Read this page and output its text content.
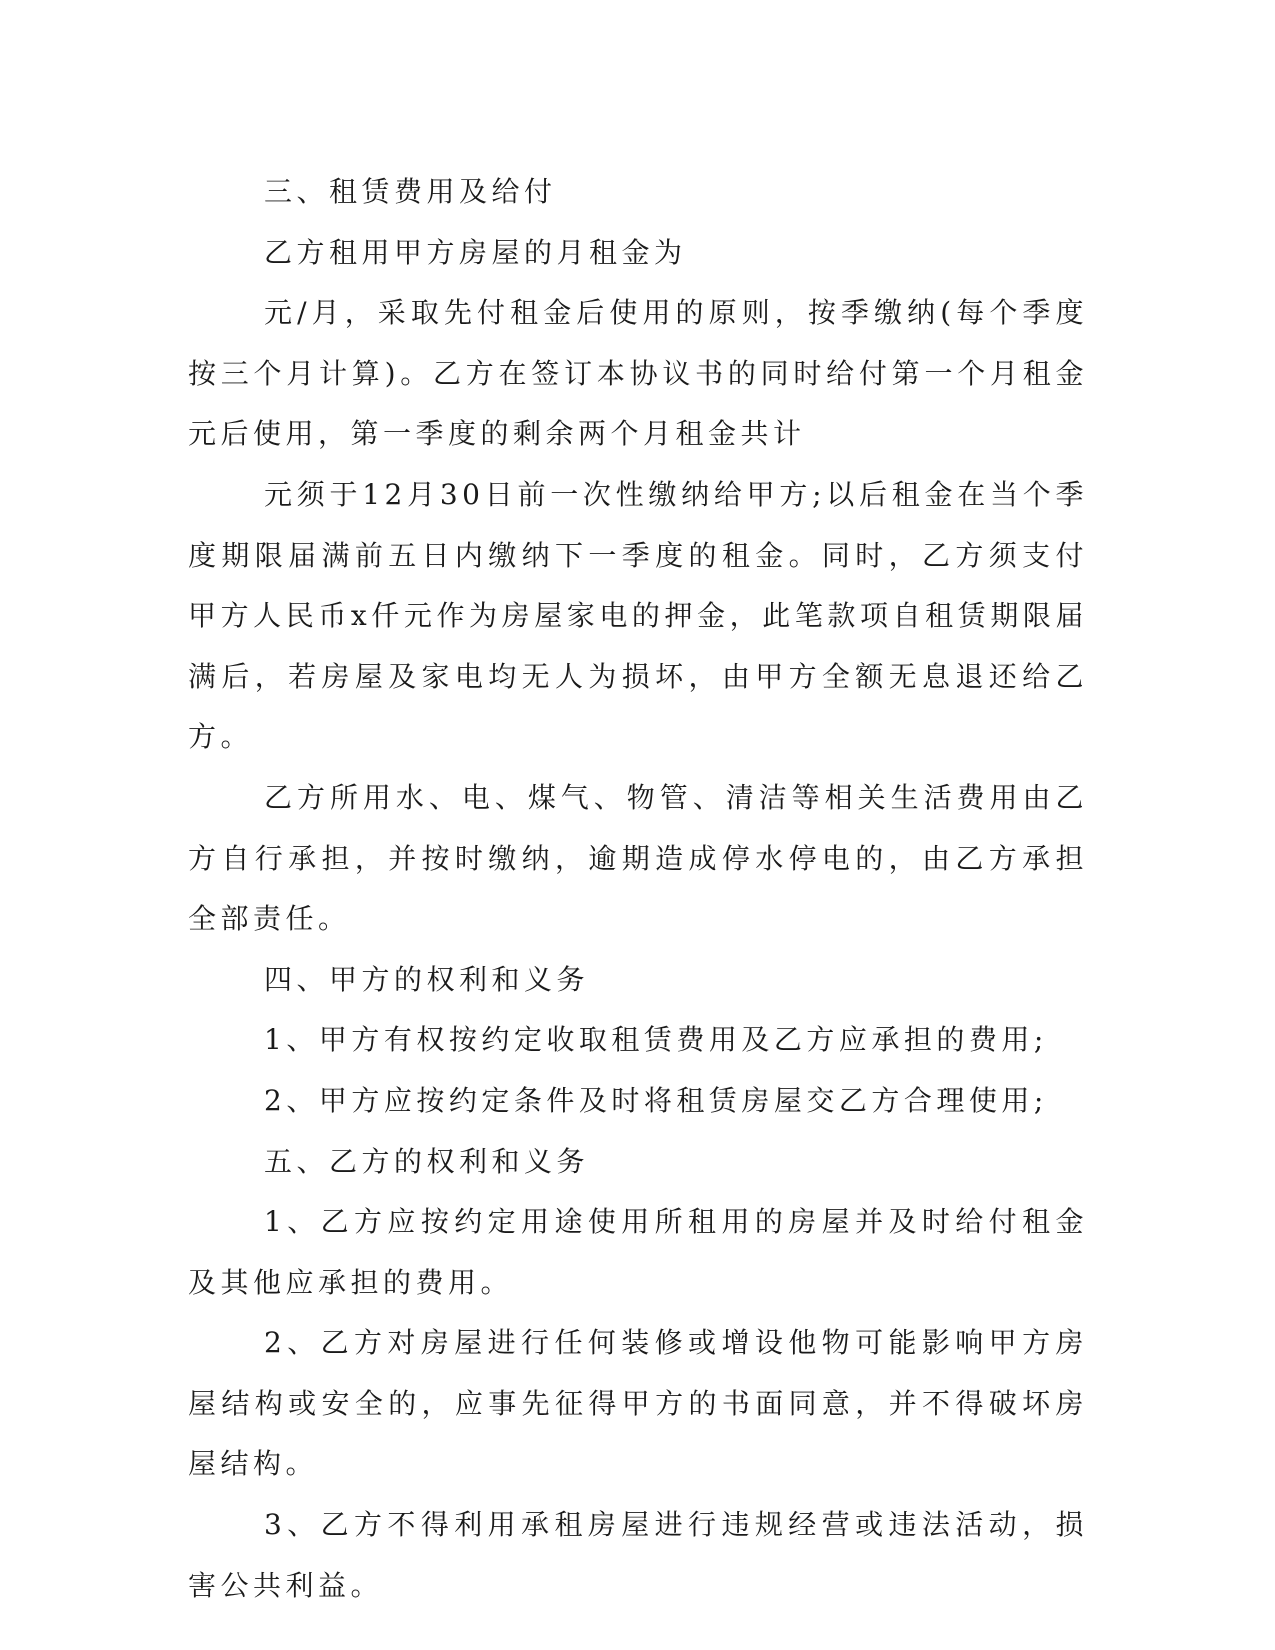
三、租赁费用及给付

乙方租用甲方房屋的月租金为

元/月，采取先付租金后使用的原则，按季缴纳(每个季度按三个月计算)。乙方在签订本协议书的同时给付第一个月租金元后使用，第一季度的剩余两个月租金共计

元须于12月30日前一次性缴纳给甲方;以后租金在当个季度期限届满前五日内缴纳下一季度的租金。同时，乙方须支付甲方人民币x仟元作为房屋家电的押金，此笔款项自租赁期限届满后，若房屋及家电均无人为损坏，由甲方全额无息退还给乙方。

乙方所用水、电、煤气、物管、清洁等相关生活费用由乙方自行承担，并按时缴纳，逾期造成停水停电的，由乙方承担全部责任。

四、甲方的权利和义务

1、甲方有权按约定收取租赁费用及乙方应承担的费用;

2、甲方应按约定条件及时将租赁房屋交乙方合理使用;

五、乙方的权利和义务

1、乙方应按约定用途使用所租用的房屋并及时给付租金及其他应承担的费用。

2、乙方对房屋进行任何装修或增设他物可能影响甲方房屋结构或安全的，应事先征得甲方的书面同意，并不得破坏房屋结构。

3、乙方不得利用承租房屋进行违规经营或违法活动，损害公共利益。
